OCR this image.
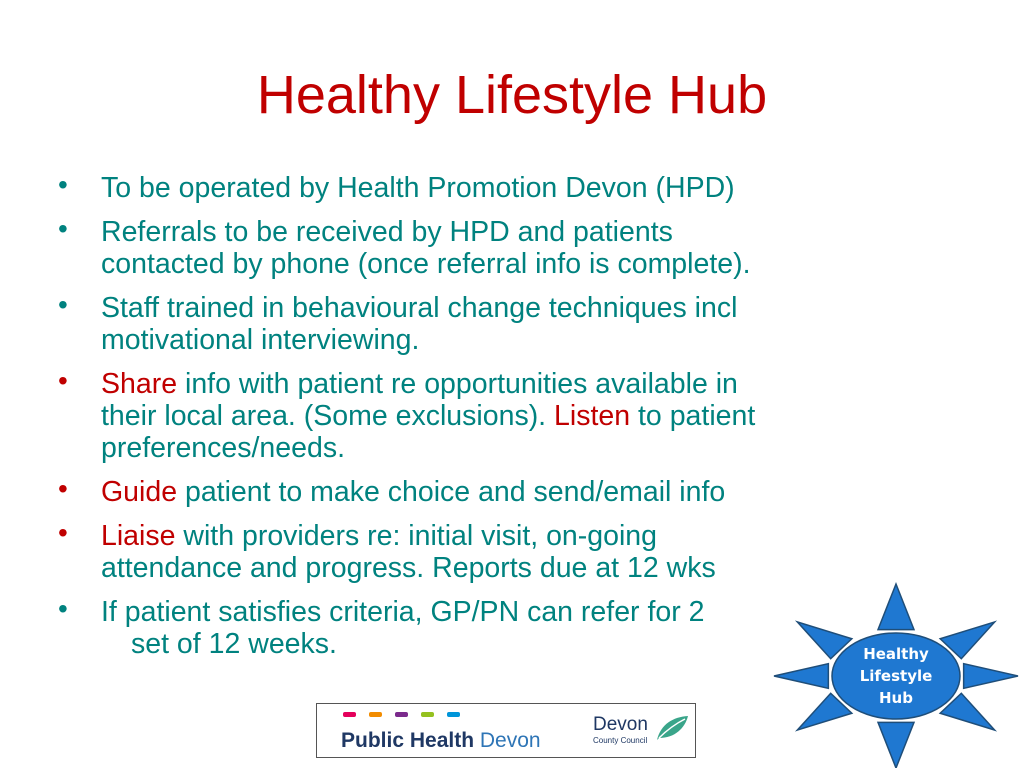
Healthy Lifestyle Hub
• To be operated by Health Promotion Devon (HPD)
• Referrals to be received by HPD and patients
contacted by phone (once referral info is complete).
• Staff trained in behavioural change techniques incl
motivational interviewing.
• Share info with patient re opportunities available in
their local area. (Some exclusions). Listen to patient
preferences/needs.
• Guide patient to make choice and send/email info
• Liaise with providers re: initial visit, on-going
attendance and progress. Reports due at 12 wks
• If patient satisfies criteria, GP/PN can refer for 2
set of 12 weeks.	Healthy
Lifestyle
Hub
Public Health Devon
Devon
County Council
